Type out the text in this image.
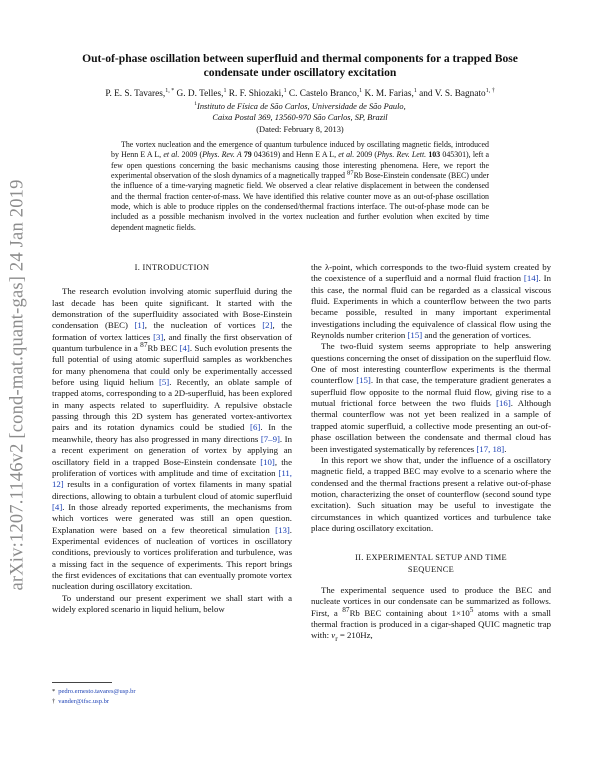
arXiv:1207.1146v2 [cond-mat.quant-gas] 24 Jan 2019
Out-of-phase oscillation between superfluid and thermal components for a trapped Bose condensate under oscillatory excitation
P. E. S. Tavares,$^{1, *}$ G. D. Telles,$^1$ R. F. Shiozaki,$^1$ C. Castelo Branco,$^1$ K. M. Farias,$^1$ and V. S. Bagnato$^{1, \dagger}$
$^1$Instituto de Física de São Carlos, Universidade de São Paulo,
Caixa Postal 369, 13560-970 São Carlos, SP, Brazil
(Dated: February 8, 2013)
The vortex nucleation and the emergence of quantum turbulence induced by oscillating magnetic fields, introduced by Henn E A L, et al. 2009 (Phys. Rev. A 79 043619) and Henn E A L, et al. 2009 (Phys. Rev. Lett. 103 045301), left a few open questions concerning the basic mechanisms causing those interesting phenomena. Here, we report the experimental observation of the slosh dynamics of a magnetically trapped $^{87}$Rb Bose-Einstein condensate (BEC) under the influence of a time-varying magnetic field. We observed a clear relative displacement in between the condensed and the thermal fraction center-of-mass. We have identified this relative counter move as an out-of-phase oscillation mode, which is able to produce ripples on the condensed/thermal fractions interface. The out-of-phase mode can be included as a possible mechanism involved in the vortex nucleation and further evolution when excited by time dependent magnetic fields.
I. INTRODUCTION

The research evolution involving atomic superfluid during the last decade has been quite significant. It started with the demonstration of the superfluidity associated with Bose-Einstein condensation (BEC) [1], the nucleation of vortices [2], the formation of vortex lattices [3], and finally the first observation of quantum turbulence in a $^{87}$Rb BEC [4]. Such evolution presents the full potential of using atomic superfluid samples as workbenches for many phenomena that could only be experimentally accessed before using liquid helium [5]. Recently, an oblate sample of trapped atoms, corresponding to a 2D-superfluid, has been explored in many aspects related to superfluidity. A repulsive obstacle passing through this 2D system has generated vortex-antivortex pairs and its rotation dynamics could be studied [6]. In the meanwhile, theory has also progressed in many directions [7–9]. In a recent experiment on generation of vortex by applying an oscillatory field in a trapped Bose-Einstein condensate [10], the proliferation of vortices with amplitude and time of excitation [11, 12] results in a configuration of vortex filaments in many spatial directions, allowing to obtain a turbulent cloud of atomic superfluid [4]. In those already reported experiments, the mechanisms from which vortices were generated was still an open question. Explanation were based on a few theoretical simulation [13]. Experimental evidences of nucleation of vortices in oscillatory conditions, previously to vortices proliferation and turbulence, was a missing fact in the sequence of experiments. This report brings the first evidences of excitations that can eventually promote vortex nucleation during oscillatory excitation.

To understand our present experiment we shall start with a widely explored scenario in liquid helium, below

the λ-point, which corresponds to the two-fluid system created by the coexistence of a superfluid and a normal fluid fraction [14]. In this case, the normal fluid can be regarded as a classical viscous fluid. Experiments in which a counterflow between the two parts became possible, resulted in many important experimental investigations including the equivalence of classical flow using the Reynolds number criterion [15] and the generation of vortices.

The two-fluid system seems appropriate to help answering questions concerning the onset of dissipation on the superfluid flow. One of most interesting counterflow experiments is the thermal counterflow [15]. In that case, the temperature gradient generates a superfluid flow opposite to the normal fluid flow, giving rise to a mutual frictional force between the two fluids [16]. Although thermal counterflow was not yet been realized in a sample of trapped atomic superfluid, a collective mode presenting an out-of-phase oscillation between the condensate and thermal cloud has been investigated systematically by references [17, 18].

In this report we show that, under the influence of a oscillatory magnetic field, a trapped BEC may evolve to a scenario where the condensed and the thermal fractions present a relative out-of-phase motion, characterizing the onset of counterflow (second sound type excitation). Such situation may be useful to investigate the circumstances in which quantized vortices and turbulence take place during oscillatory excitation.

II. EXPERIMENTAL SETUP AND TIME
SEQUENCE

The experimental sequence used to produce the BEC and nucleate vortices in our condensate can be summarized as follows. First, a $^{87}$Rb BEC containing about $1\times 10^5$ atoms with a small thermal fraction is produced in a cigar-shaped QUIC magnetic trap with: $\nu_r = 210Hz$,

* pedro.ernesto.tavares@usp.br
† vander@ifsc.usp.br
